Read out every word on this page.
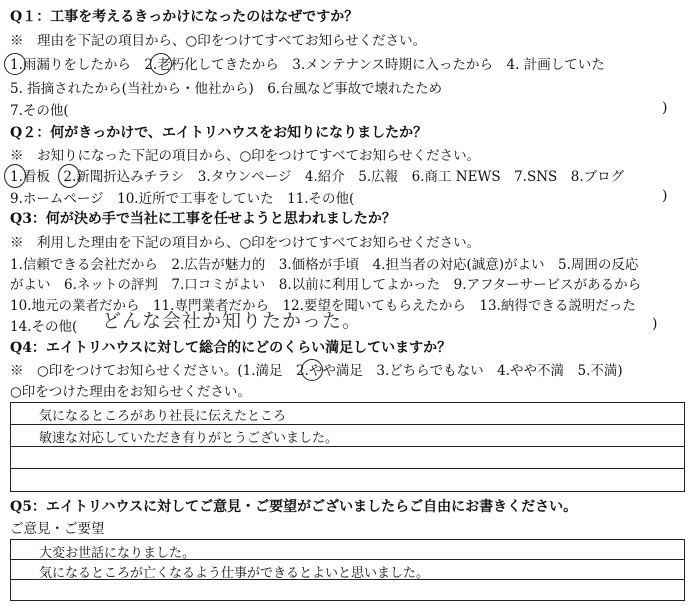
Q１：工事を考えるきっかけになったのはなぜですか？
※　理由を下記の項目から、○印をつけてすべてお知らせください。
1.雨漏りをしたから　2.老朽化してきたから　3.メンテナンス時期に入ったから　4. 計画していた
5. 指摘されたから(当社から・他社から)　6.台風など事故で壊れたため
7.その他(	)
Q２：何がきっかけで、エイトリハウスをお知りになりましたか？
※　お知りになった下記の項目から、○印をつけてすべてお知らせください。
1.看板　2.新聞折込みチラシ　3.タウンページ　4.紹介　5.広報　6.商工 NEWS　7.SNS　8.ブログ
9.ホームページ　10.近所で工事をしていた　11.その他(	)
Q3：何が決め手で当社に工事を任せようと思われましたか？
※　利用した理由を下記の項目から、○印をつけてすべてお知らせください。
1.信頼できる会社だから　2.広告が魅力的　3.価格が手頃　4.担当者の対応(誠意)がよい　5.周囲の反応
がよい　6.ネットの評判　7.口コミがよい　8.以前に利用してよかった　9.アフターサービスがあるから
10.地元の業者だから　11.専門業者だから　12.要望を聞いてもらえたから　13.納得できる説明だった
14.その他( どんな会社か知りたかった。	)
Q4：エイトリハウスに対して総合的にどのくらい満足していますか？
※　○印をつけてお知らせください。(1.満足　2.やや満足　3.どちらでもない　4.やや不満　5.不満)
○印をつけた理由をお知らせください。
気になるところがあり社長に伝えたところ
敏速な対応していただき有りがとうございました。
Q5：エイトリハウスに対してご意見・ご要望がございましたらご自由にお書きください。
ご意見・ご要望
大変お世話になりました。
気になるところが亡くなるよう仕事ができるとよいと思いました。
